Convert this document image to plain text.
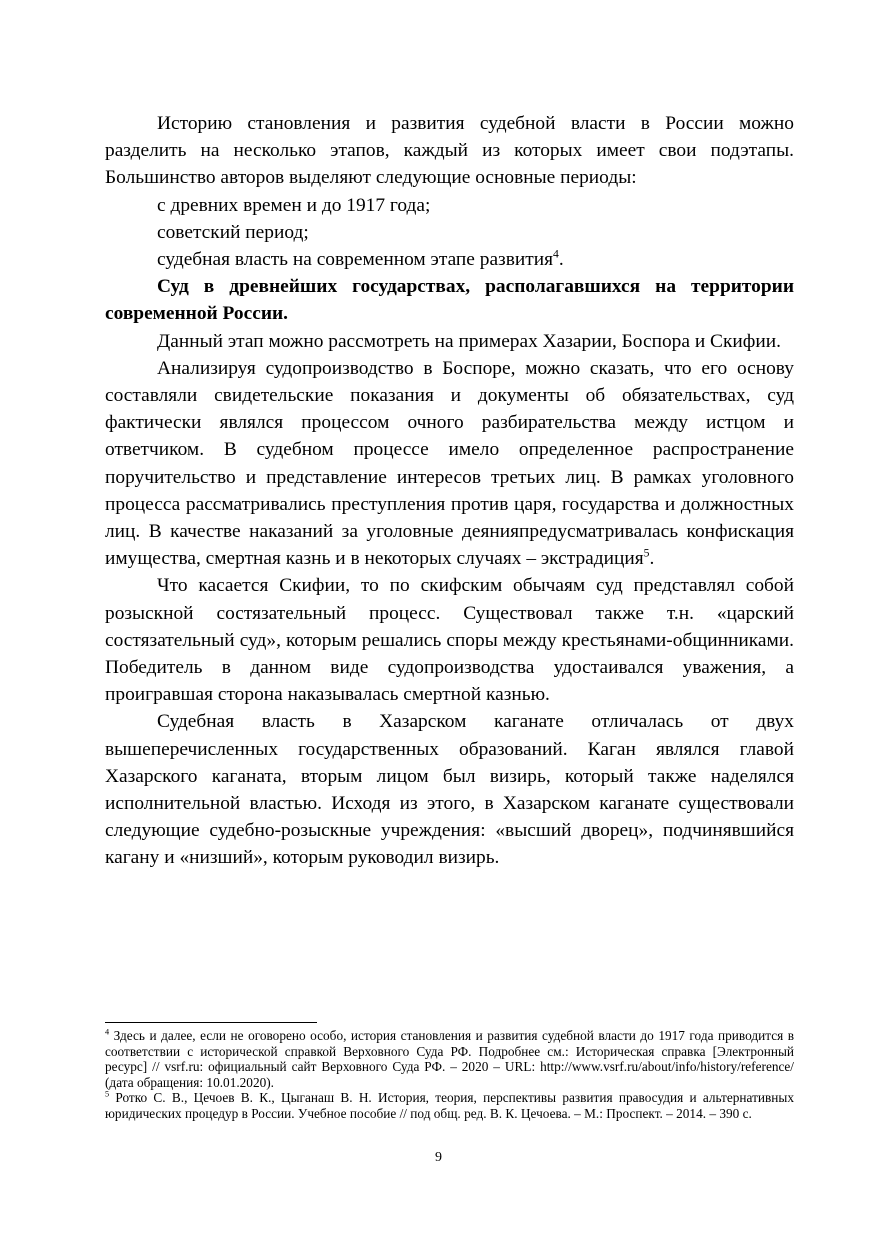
Историю становления и развития судебной власти в России можно разделить на несколько этапов, каждый из которых имеет свои подэтапы. Большинство авторов выделяют следующие основные периоды:

с древних времен и до 1917 года;

советский период;

судебная власть на современном этапе развития$^4$.

Суд в древнейших государствах, располагавшихся на территории современной России.

Данный этап можно рассмотреть на примерах Хазарии, Боспора и Скифии.

Анализируя судопроизводство в Боспоре, можно сказать, что его основу составляли свидетельские показания и документы об обязательствах, суд фактически являлся процессом очного разбирательства между истцом и ответчиком. В судебном процессе имело определенное распространение поручительство и представление интересов третьих лиц. В рамках уголовного процесса рассматривались преступления против царя, государства и должностных лиц. В качестве наказаний за уголовные деянияпредусматривалась конфискация имущества, смертная казнь и в некоторых случаях – экстрадиция$^5$.

Что касается Скифии, то по скифским обычаям суд представлял собой розыскной состязательный процесс. Существовал также т.н. «царский состязательный суд», которым решались споры между крестьянами-общинниками. Победитель в данном виде судопроизводства удостаивался уважения, а проигравшая сторона наказывалась смертной казнью.

Судебная власть в Хазарском каганате отличалась от двух вышеперечисленных государственных образований. Каган являлся главой Хазарского каганата, вторым лицом был визирь, который также наделялся исполнительной властью. Исходя из этого, в Хазарском каганате существовали следующие судебно-розыскные учреждения: «высший дворец», подчинявшийся кагану и «низший», которым руководил визирь.

$^4$ Здесь и далее, если не оговорено особо, история становления и развития судебной власти до 1917 года приводится в соответствии с исторической справкой Верховного Суда РФ. Подробнее см.: Историческая справка [Электронный ресурс] // vsrf.ru: официальный сайт Верховного Суда РФ. – 2020 – URL: http://www.vsrf.ru/about/info/history/reference/ (дата обращения: 10.01.2020).

$^5$ Ротко С. В., Цечоев В. К., Цыганаш В. Н. История, теория, перспективы развития правосудия и альтернативных юридических процедур в России. Учебное пособие // под общ. ред. В. К. Цечоева. – М.: Проспект. – 2014. – 390 с.

9
